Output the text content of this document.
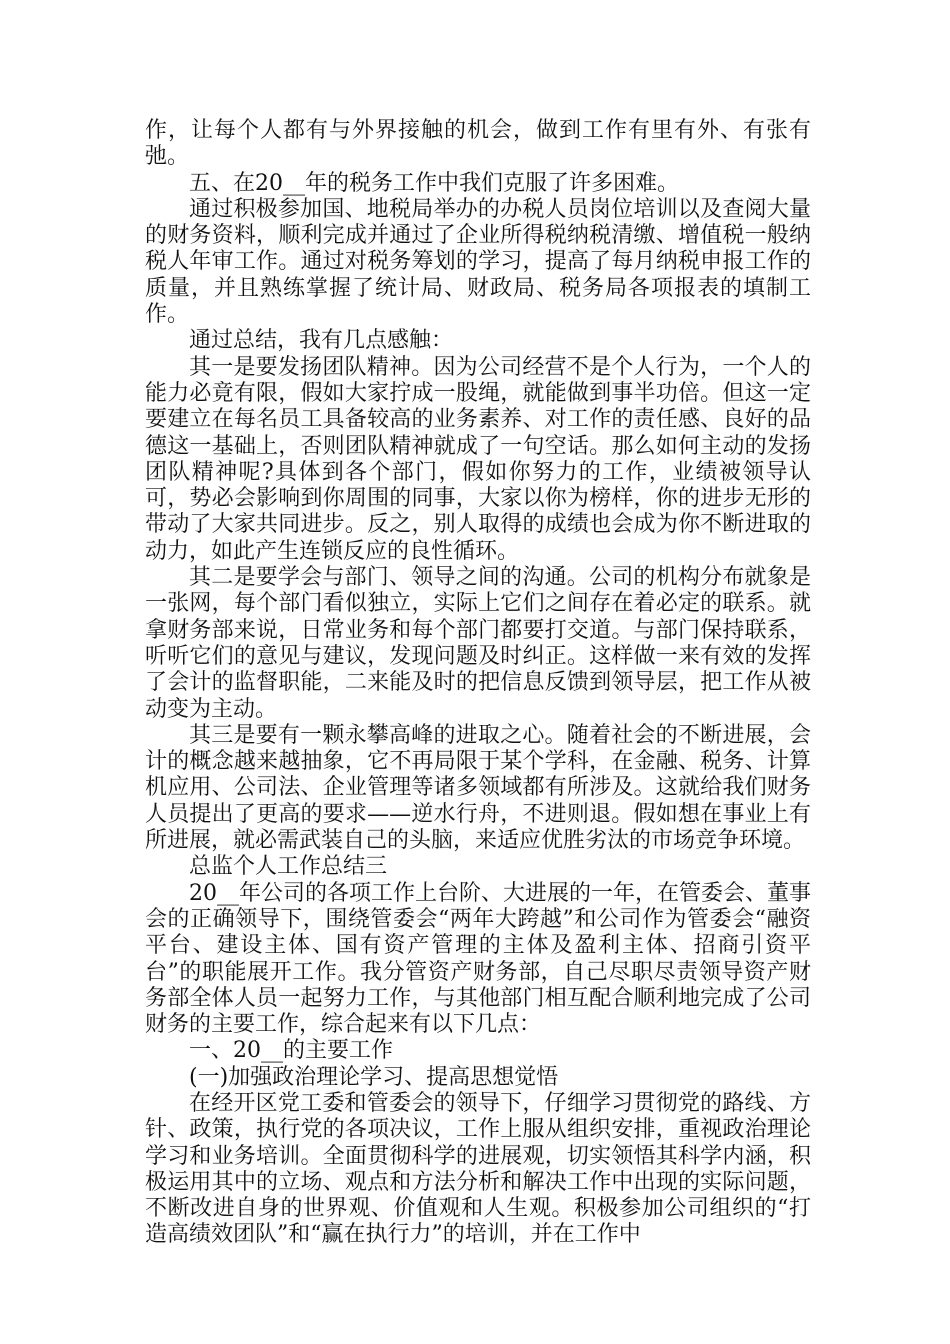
作，让每个人都有与外界接触的机会，做到工作有里有外、有张有弛。

五、在20__年的税务工作中我们克服了许多困难。

通过积极参加国、地税局举办的办税人员岗位培训以及查阅大量的财务资料，顺利完成并通过了企业所得税纳税清缴、增值税一般纳税人年审工作。通过对税务筹划的学习，提高了每月纳税申报工作的质量，并且熟练掌握了统计局、财政局、税务局各项报表的填制工作。

通过总结，我有几点感触：

其一是要发扬团队精神。因为公司经营不是个人行为，一个人的能力必竟有限，假如大家拧成一股绳，就能做到事半功倍。但这一定要建立在每名员工具备较高的业务素养、对工作的责任感、良好的品德这一基础上，否则团队精神就成了一句空话。那么如何主动的发扬团队精神呢?具体到各个部门，假如你努力的工作，业绩被领导认可，势必会影响到你周围的同事，大家以你为榜样，你的进步无形的带动了大家共同进步。反之，别人取得的成绩也会成为你不断进取的动力，如此产生连锁反应的良性循环。

其二是要学会与部门、领导之间的沟通。公司的机构分布就象是一张网，每个部门看似独立，实际上它们之间存在着必定的联系。就拿财务部来说，日常业务和每个部门都要打交道。与部门保持联系，听听它们的意见与建议，发现问题及时纠正。这样做一来有效的发挥了会计的监督职能，二来能及时的把信息反馈到领导层，把工作从被动变为主动。

其三是要有一颗永攀高峰的进取之心。随着社会的不断进展，会计的概念越来越抽象，它不再局限于某个学科，在金融、税务、计算机应用、公司法、企业管理等诸多领域都有所涉及。这就给我们财务人员提出了更高的要求——逆水行舟，不进则退。假如想在事业上有所进展，就必需武装自己的头脑，来适应优胜劣汰的市场竞争环境。

总监个人工作总结三

20__年公司的各项工作上台阶、大进展的一年，在管委会、董事会的正确领导下，围绕管委会“两年大跨越”和公司作为管委会“融资平台、建设主体、国有资产管理的主体及盈利主体、招商引资平台”的职能展开工作。我分管资产财务部，自己尽职尽责领导资产财务部全体人员一起努力工作，与其他部门相互配合顺利地完成了公司财务的主要工作，综合起来有以下几点：

一、20__的主要工作

(一)加强政治理论学习、提高思想觉悟

在经开区党工委和管委会的领导下，仔细学习贯彻党的路线、方针、政策，执行党的各项决议，工作上服从组织安排，重视政治理论学习和业务培训。全面贯彻科学的进展观，切实领悟其科学内涵，积极运用其中的立场、观点和方法分析和解决工作中出现的实际问题，不断改进自身的世界观、价值观和人生观。积极参加公司组织的“打造高绩效团队”和“赢在执行力”的培训，并在工作中
